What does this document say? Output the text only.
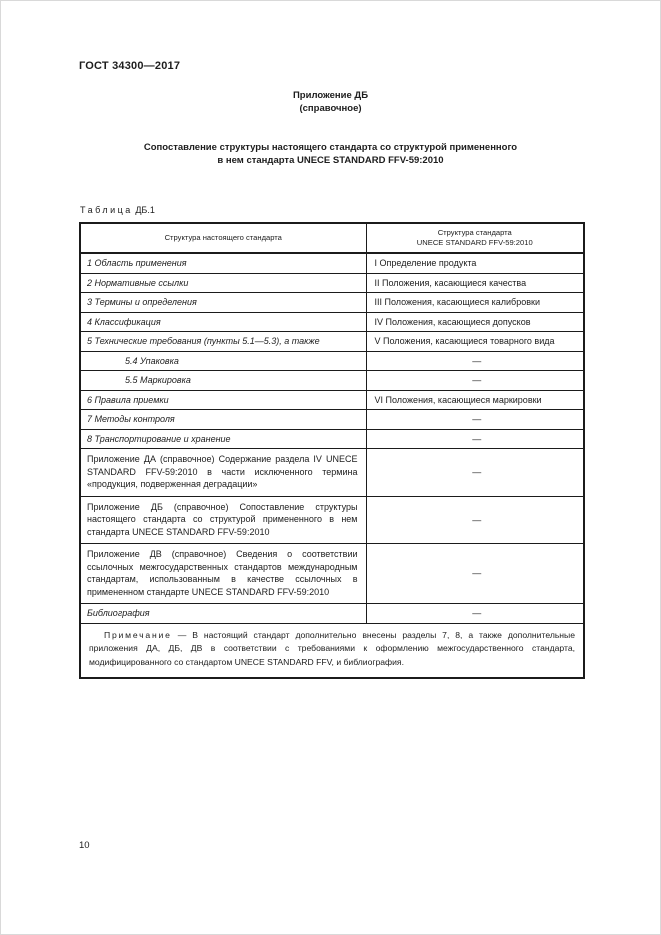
ГОСТ 34300—2017
Приложение ДБ
(справочное)
Сопоставление структуры настоящего стандарта со структурой примененного
в нем стандарта UNECE STANDARD FFV-59:2010
Таблица ДБ.1
Структура настоящего стандарта	Структура стандарта
UNECE STANDARD FFV-59:2010

1 Область применения	I Определение продукта
2 Нормативные ссылки	II Положения, касающиеся качества
3 Термины и определения	III Положения, касающиеся калибровки
4 Классификация	IV Положения, касающиеся допусков
5 Технические требования (пункты 5.1—5.3), а также	V Положения, касающиеся товарного вида
5.4 Упаковка	—
5.5 Маркировка	—
6 Правила приемки	VI Положения, касающиеся маркировки
7 Методы контроля	—
8 Транспортирование и хранение	—
Приложение ДА (справочное) Содержание раздела IV UNECE STANDARD FFV-59:2010 в части исключенного термина «продукция, подверженная деградации»	—
Приложение ДБ (справочное) Сопоставление структуры настоящего стандарта со структурой примененного в нем стандарта UNECE STANDARD FFV-59:2010	—
Приложение ДВ (справочное) Сведения о соответствии ссылочных межгосударственных стандартов международным стандартам, использованным в качестве ссылочных в примененном стандарте UNECE STANDARD FFV-59:2010	—
Библиография	—
Примечание — В настоящий стандарт дополнительно внесены разделы 7, 8, а также дополнительные приложения ДА, ДБ, ДВ в соответствии с требованиями к оформлению межгосударственного стандарта, модифицированного со стандартом UNECE STANDARD FFV, и библиография.	
10
